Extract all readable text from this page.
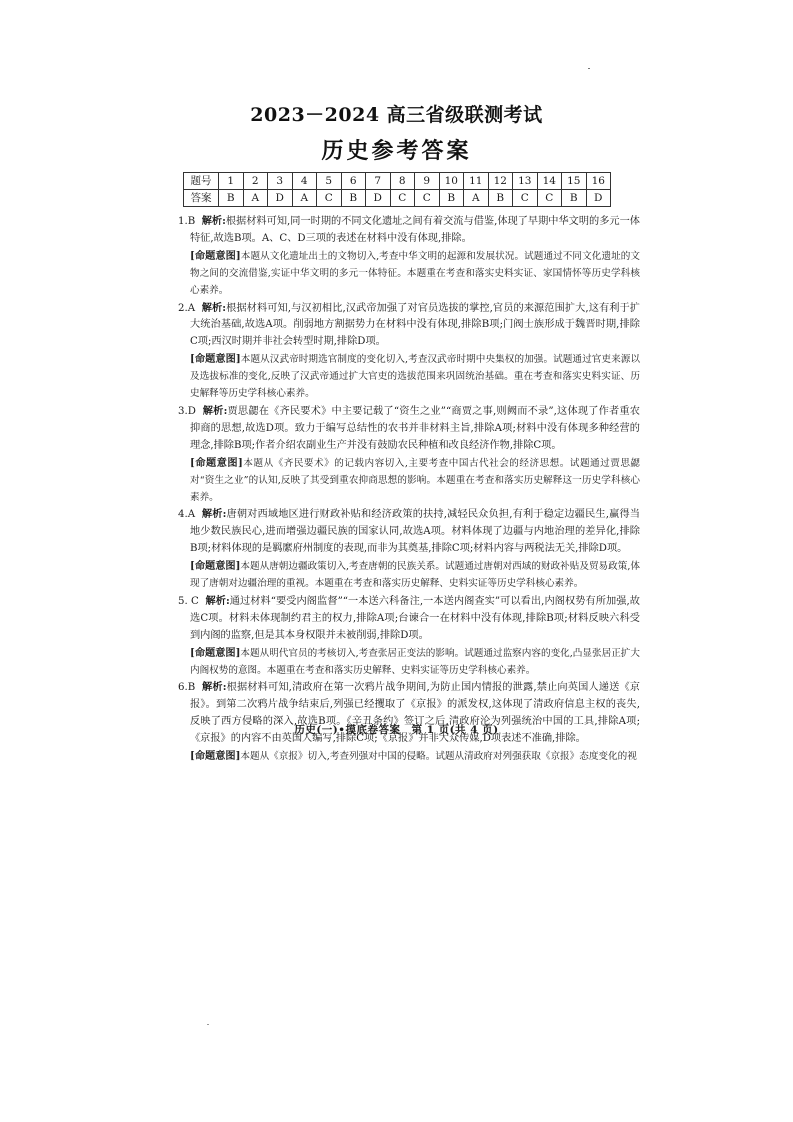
2023－2024 高三省级联测考试
历史参考答案
题号	1	2	3	4	5	6	7	8	9	10	11	12	13	14	15	16
答案	B	A	D	A	C	B	D	C	C	B	A	B	C	C	B	D
1.B 解析:根据材料可知,同一时期的不同文化遗址之间有着交流与借鉴,体现了早期中华文明的多元一体特征,故选B项。A、C、D三项的表述在材料中没有体现,排除。
[命题意图]本题从文化遗址出土的文物切入,考查中华文明的起源和发展状况。试题通过不同文化遗址的文物之间的交流借鉴,实证中华文明的多元一体特征。本题重在考查和落实史料实证、家国情怀等历史学科核心素养。
2.A 解析:根据材料可知,与汉初相比,汉武帝加强了对官员选拔的掌控,官员的来源范围扩大,这有利于扩大统治基础,故选A项。削弱地方割据势力在材料中没有体现,排除B项;门阀士族形成于魏晋时期,排除C项;西汉时期并非社会转型时期,排除D项。
[命题意图]本题从汉武帝时期选官制度的变化切入,考查汉武帝时期中央集权的加强。试题通过官吏来源以及选拔标准的变化,反映了汉武帝通过扩大官吏的选拔范围来巩固统治基础。重在考查和落实史料实证、历史解释等历史学科核心素养。
3.D 解析:贾思勰在《齐民要术》中主要记载了“资生之业”“商贾之事,则阙而不录”,这体现了作者重农抑商的思想,故选D项。致力于编写总结性的农书并非材料主旨,排除A项;材料中没有体现多种经营的理念,排除B项;作者介绍农副业生产并没有鼓励农民种植和改良经济作物,排除C项。
[命题意图]本题从《齐民要术》的记载内容切入,主要考查中国古代社会的经济思想。试题通过贾思勰对“资生之业”的认知,反映了其受到重农抑商思想的影响。本题重在考查和落实历史解释这一历史学科核心素养。
4.A 解析:唐朝对西域地区进行财政补贴和经济政策的扶持,减轻民众负担,有利于稳定边疆民生,赢得当地少数民族民心,进而增强边疆民族的国家认同,故选A项。材料体现了边疆与内地治理的差异化,排除B项;材料体现的是羁縻府州制度的表现,而非为其奠基,排除C项;材料内容与两税法无关,排除D项。
[命题意图]本题从唐朝边疆政策切入,考查唐朝的民族关系。试题通过唐朝对西域的财政补贴及贸易政策,体现了唐朝对边疆治理的重视。本题重在考查和落实历史解释、史料实证等历史学科核心素养。
5. C 解析:通过材料“要受内阁监督”“一本送六科备注,一本送内阁查实”可以看出,内阁权势有所加强,故选C项。材料未体现制约君主的权力,排除A项;台谏合一在材料中没有体现,排除B项;材料反映六科受到内阁的监察,但是其本身权限并未被削弱,排除D项。
[命题意图]本题从明代官员的考核切入,考查张居正变法的影响。试题通过监察内容的变化,凸显张居正扩大内阁权势的意图。本题重在考查和落实历史解释、史料实证等历史学科核心素养。
6.B 解析:根据材料可知,清政府在第一次鸦片战争期间,为防止国内情报的泄露,禁止向英国人递送《京报》。到第二次鸦片战争结束后,列强已经攫取了《京报》的派发权,这体现了清政府信息主权的丧失,反映了西方侵略的深入,故选B项。《辛丑条约》签订之后,清政府沦为列强统治中国的工具,排除A项;《京报》的内容不由英国人编写,排除C项;《京报》并非大众传媒,D项表述不准确,排除。
[命题意图]本题从《京报》切入,考查列强对中国的侵略。试题从清政府对列强获取《京报》态度变化的视
历史(一)•摸底卷答案　第 1 页(共 4 页)
